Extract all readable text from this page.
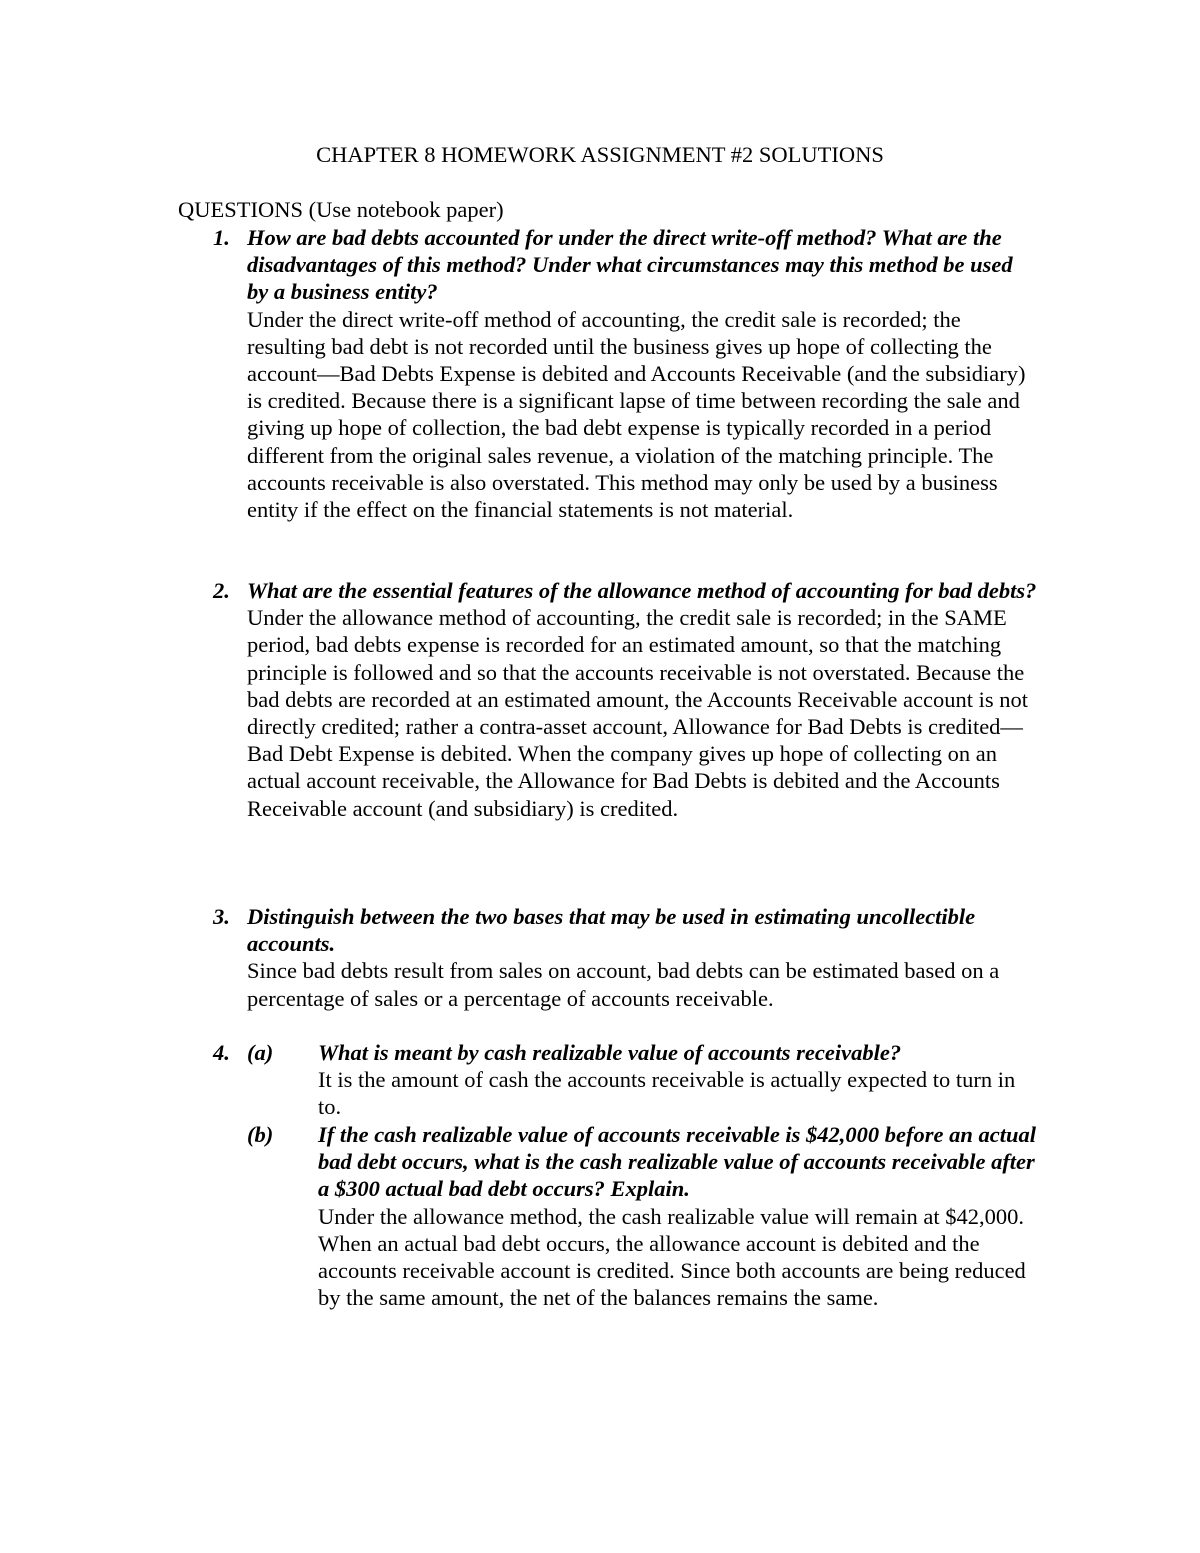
CHAPTER 8 HOMEWORK ASSIGNMENT #2 SOLUTIONS
QUESTIONS (Use notebook paper)
1. How are bad debts accounted for under the direct write-off method? What are the disadvantages of this method? Under what circumstances may this method be used by a business entity?

Under the direct write-off method of accounting, the credit sale is recorded; the resulting bad debt is not recorded until the business gives up hope of collecting the account—Bad Debts Expense is debited and Accounts Receivable (and the subsidiary) is credited. Because there is a significant lapse of time between recording the sale and giving up hope of collection, the bad debt expense is typically recorded in a period different from the original sales revenue, a violation of the matching principle. The accounts receivable is also overstated. This method may only be used by a business entity if the effect on the financial statements is not material.

2. What are the essential features of the allowance method of accounting for bad debts?

Under the allowance method of accounting, the credit sale is recorded; in the SAME period, bad debts expense is recorded for an estimated amount, so that the matching principle is followed and so that the accounts receivable is not overstated. Because the bad debts are recorded at an estimated amount, the Accounts Receivable account is not directly credited; rather a contra-asset account, Allowance for Bad Debts is credited—Bad Debt Expense is debited. When the company gives up hope of collecting on an actual account receivable, the Allowance for Bad Debts is debited and the Accounts Receivable account (and subsidiary) is credited.

3. Distinguish between the two bases that may be used in estimating uncollectible accounts.

Since bad debts result from sales on account, bad debts can be estimated based on a percentage of sales or a percentage of accounts receivable.

4. (a) What is meant by cash realizable value of accounts receivable?

It is the amount of cash the accounts receivable is actually expected to turn in to.

(b) If the cash realizable value of accounts receivable is $42,000 before an actual bad debt occurs, what is the cash realizable value of accounts receivable after a $300 actual bad debt occurs? Explain.

Under the allowance method, the cash realizable value will remain at $42,000. When an actual bad debt occurs, the allowance account is debited and the accounts receivable account is credited. Since both accounts are being reduced by the same amount, the net of the balances remains the same.
